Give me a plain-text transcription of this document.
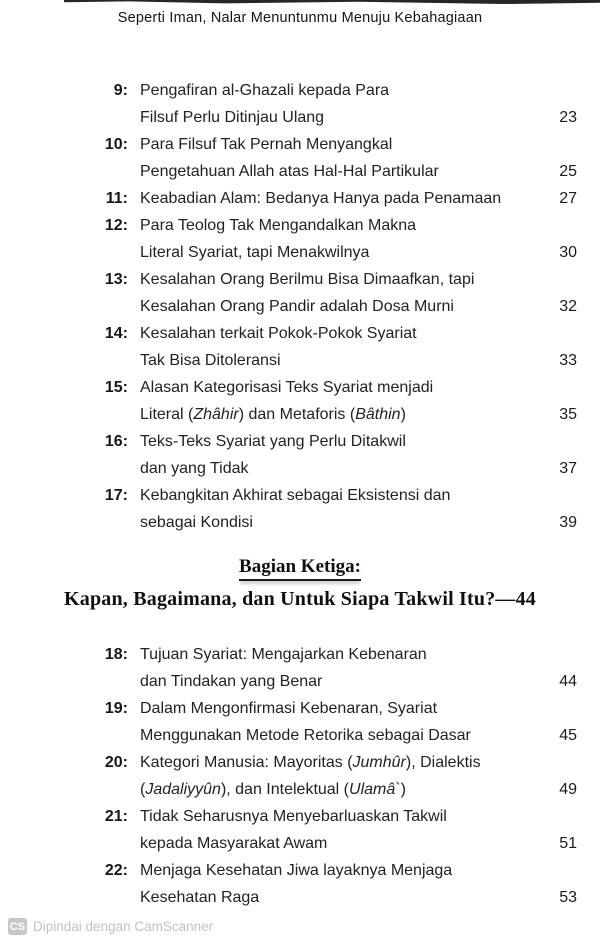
Seperti Iman, Nalar Menuntunmu Menuju Kebahagiaan
9: Pengafiran al-Ghazali kepada Para
Filsuf Perlu Ditinjau Ulang	23
10: Para Filsuf Tak Pernah Menyangkal
Pengetahuan Allah atas Hal-Hal Partikular	25
11: Keabadian Alam: Bedanya Hanya pada Penamaan	27
12: Para Teolog Tak Mengandalkan Makna
Literal Syariat, tapi Menakwilnya	30
13: Kesalahan Orang Berilmu Bisa Dimaafkan, tapi
Kesalahan Orang Pandir adalah Dosa Murni	32
14: Kesalahan terkait Pokok-Pokok Syariat
Tak Bisa Ditoleransi	33
15: Alasan Kategorisasi Teks Syariat menjadi
Literal (Zhâhir) dan Metaforis (Bâthin)	35
16: Teks-Teks Syariat yang Perlu Ditakwil
dan yang Tidak	37
17: Kebangkitan Akhirat sebagai Eksistensi dan
sebagai Kondisi	39
Bagian Ketiga:
Kapan, Bagaimana, dan Untuk Siapa Takwil Itu?—44
18: Tujuan Syariat: Mengajarkan Kebenaran
dan Tindakan yang Benar	44
19: Dalam Mengonfirmasi Kebenaran, Syariat
Menggunakan Metode Retorika sebagai Dasar	45
20: Kategori Manusia: Mayoritas (Jumhûr), Dialektis
(Jadaliyyûn), dan Intelektual (Ulamâ`)	49
21: Tidak Seharusnya Menyebarluaskan Takwil
kepada Masyarakat Awam	51
22: Menjaga Kesehatan Jiwa layaknya Menjaga
Kesehatan Raga	53
CS Dipindai dengan CamScanner
